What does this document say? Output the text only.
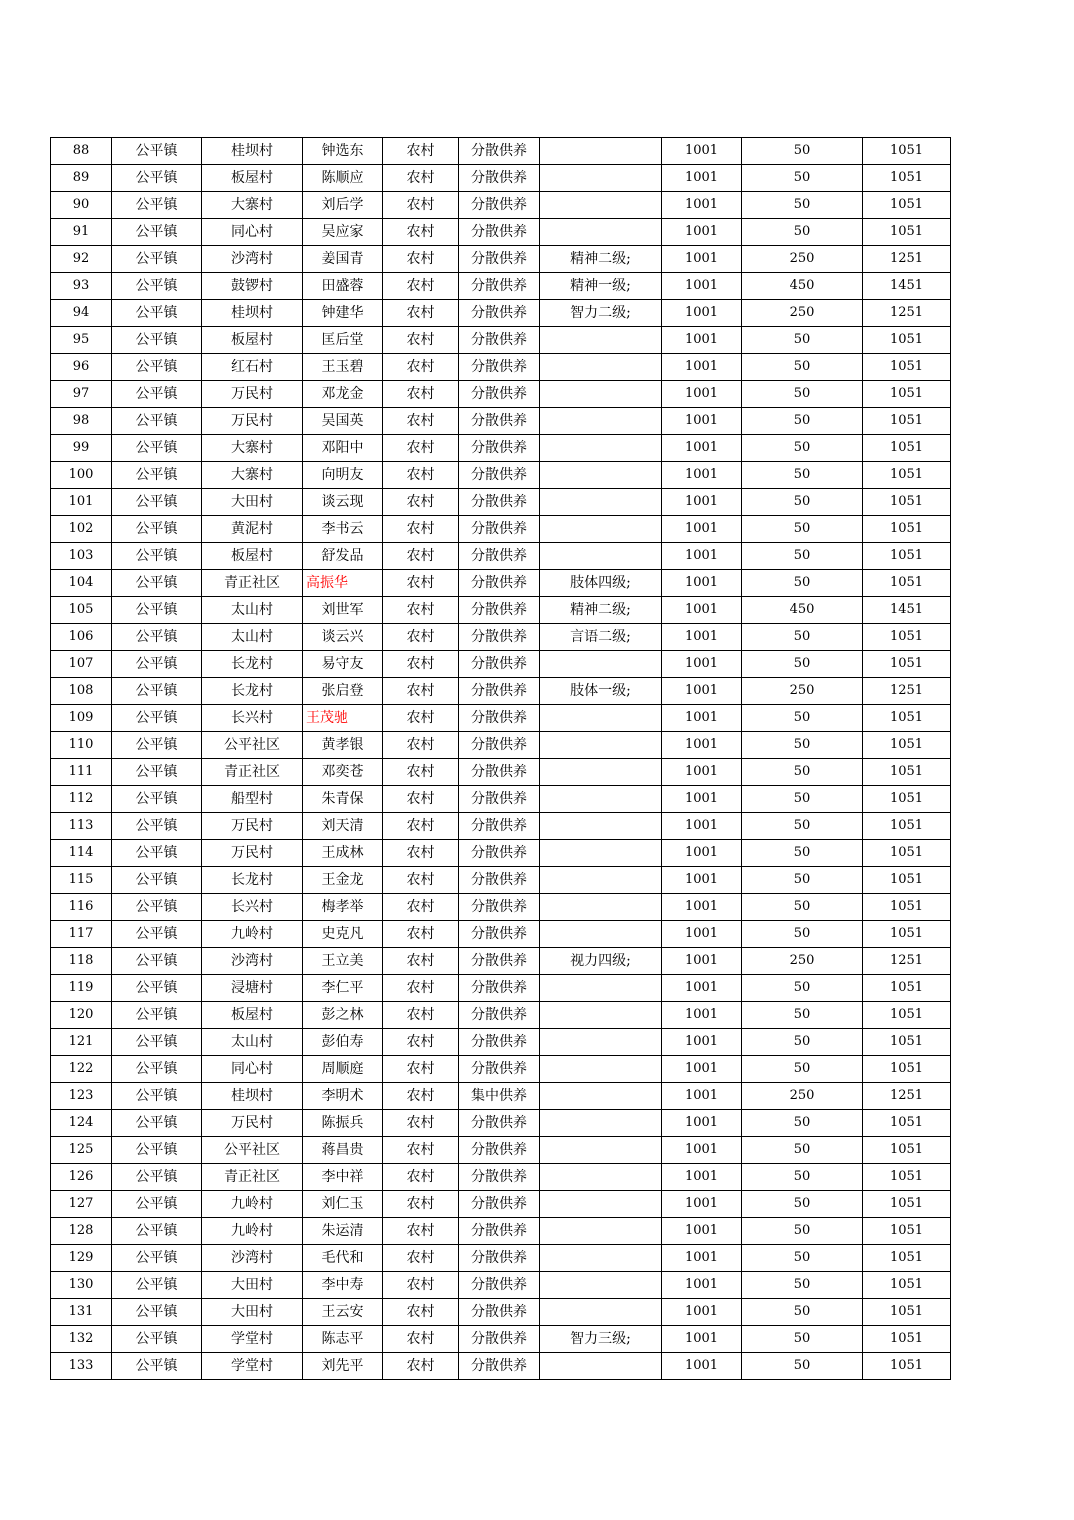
88	公平镇	桂坝村	钟选东	农村	分散供养		1001	50	1051
89	公平镇	板屋村	陈顺应	农村	分散供养		1001	50	1051
90	公平镇	大寨村	刘后学	农村	分散供养		1001	50	1051
91	公平镇	同心村	吴应家	农村	分散供养		1001	50	1051
92	公平镇	沙湾村	姜国青	农村	分散供养	精神二级;	1001	250	1251
93	公平镇	鼓锣村	田盛蓉	农村	分散供养	精神一级;	1001	450	1451
94	公平镇	桂坝村	钟建华	农村	分散供养	智力二级;	1001	250	1251
95	公平镇	板屋村	匡后堂	农村	分散供养		1001	50	1051
96	公平镇	红石村	王玉碧	农村	分散供养		1001	50	1051
97	公平镇	万民村	邓龙金	农村	分散供养		1001	50	1051
98	公平镇	万民村	吴国英	农村	分散供养		1001	50	1051
99	公平镇	大寨村	邓阳中	农村	分散供养		1001	50	1051
100	公平镇	大寨村	向明友	农村	分散供养		1001	50	1051
101	公平镇	大田村	谈云现	农村	分散供养		1001	50	1051
102	公平镇	黄泥村	李书云	农村	分散供养		1001	50	1051
103	公平镇	板屋村	舒发品	农村	分散供养		1001	50	1051
104	公平镇	青正社区	高振华	农村	分散供养	肢体四级;	1001	50	1051
105	公平镇	太山村	刘世军	农村	分散供养	精神二级;	1001	450	1451
106	公平镇	太山村	谈云兴	农村	分散供养	言语二级;	1001	50	1051
107	公平镇	长龙村	易守友	农村	分散供养		1001	50	1051
108	公平镇	长龙村	张启登	农村	分散供养	肢体一级;	1001	250	1251
109	公平镇	长兴村	王茂驰	农村	分散供养		1001	50	1051
110	公平镇	公平社区	黄孝银	农村	分散供养		1001	50	1051
111	公平镇	青正社区	邓奕苍	农村	分散供养		1001	50	1051
112	公平镇	船型村	朱青保	农村	分散供养		1001	50	1051
113	公平镇	万民村	刘天清	农村	分散供养		1001	50	1051
114	公平镇	万民村	王成林	农村	分散供养		1001	50	1051
115	公平镇	长龙村	王金龙	农村	分散供养		1001	50	1051
116	公平镇	长兴村	梅孝举	农村	分散供养		1001	50	1051
117	公平镇	九岭村	史克凡	农村	分散供养		1001	50	1051
118	公平镇	沙湾村	王立美	农村	分散供养	视力四级;	1001	250	1251
119	公平镇	浸塘村	李仁平	农村	分散供养		1001	50	1051
120	公平镇	板屋村	彭之林	农村	分散供养		1001	50	1051
121	公平镇	太山村	彭伯寿	农村	分散供养		1001	50	1051
122	公平镇	同心村	周顺庭	农村	分散供养		1001	50	1051
123	公平镇	桂坝村	李明术	农村	集中供养		1001	250	1251
124	公平镇	万民村	陈振兵	农村	分散供养		1001	50	1051
125	公平镇	公平社区	蒋昌贵	农村	分散供养		1001	50	1051
126	公平镇	青正社区	李中祥	农村	分散供养		1001	50	1051
127	公平镇	九岭村	刘仁玉	农村	分散供养		1001	50	1051
128	公平镇	九岭村	朱运清	农村	分散供养		1001	50	1051
129	公平镇	沙湾村	毛代和	农村	分散供养		1001	50	1051
130	公平镇	大田村	李中寿	农村	分散供养		1001	50	1051
131	公平镇	大田村	王云安	农村	分散供养		1001	50	1051
132	公平镇	学堂村	陈志平	农村	分散供养	智力三级;	1001	50	1051
133	公平镇	学堂村	刘先平	农村	分散供养		1001	50	1051
